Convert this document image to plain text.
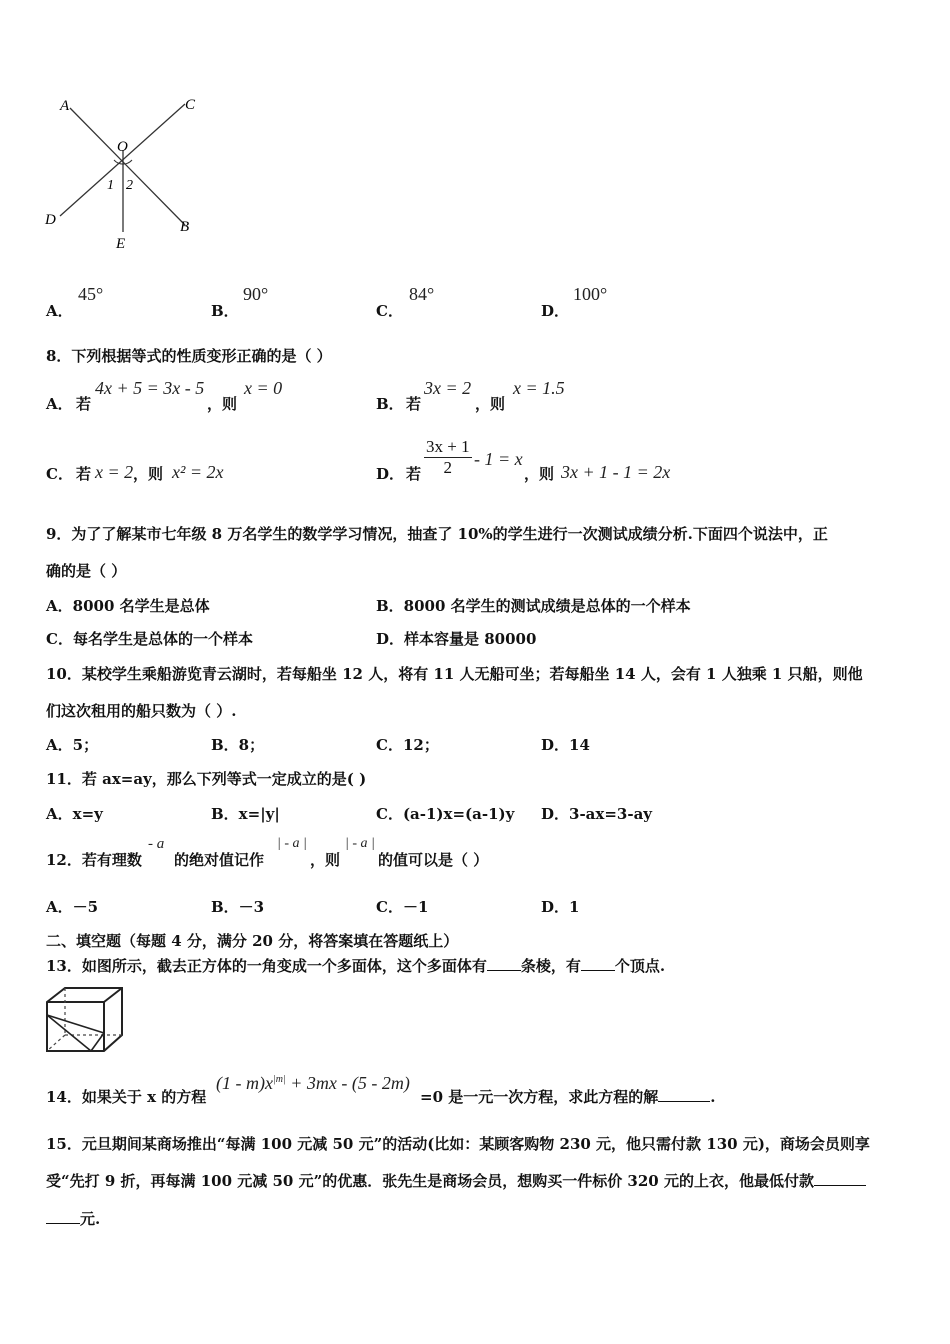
A	C
O
1 2
D	B
E
A．
45°
B．
90°
C．
84°
D．
100°
8．下列根据等式的性质变形正确的是（ ）
A． 若
4x + 5 = 3x - 5
，则
x = 0
B． 若
3x = 2
，则
x = 1.5
C． 若 x = 2 ，则 x² = 2x	D． 若 $\frac{3x + 1}{2} - 1 = x$
，则 3x + 1 - 1 = 2x
9．为了了解某市七年级 8 万名学生的数学学习情况，抽查了 10%的学生进行一次测试成绩分析.下面四个说法中，正
确的是（ ）
A．8000 名学生是总体	B．8000 名学生的测试成绩是总体的一个样本
C．每名学生是总体的一个样本	D．样本容量是 80000
10．某校学生乘船游览青云湖时，若每船坐 12 人，将有 11 人无船可坐；若每船坐 14 人，会有 1 人独乘 1 只船，则他
们这次租用的船只数为（ ）.
A．5；	B．8；	C．12；	D．14
11．若 ax=ay，那么下列等式一定成立的是( )
A．x=y	B．x=|y|	C．(a-1)x=(a-1)y D．3-ax=3-ay
12．若有理数
- a
的绝对值记作
| - a |
，则
| - a |
的值可以是（ ）
A．－5	B．－3	C．－1	D．1
二、填空题（每题 4 分，满分 20 分，将答案填在答题纸上）
13．如图所示，截去正方体的一角变成一个多面体，这个多面体有 条棱，有 个顶点.
14．如果关于 x 的方程
$(1 - m)x^{|m|} + 3mx - (5 - 2m)$
=0 是一元一次方程，求此方程的解	.
15．元旦期间某商场推出“每满 100 元减 50 元”的活动(比如：某顾客购物 230 元，他只需付款 130 元)，商场会员则享
受“先打 9 折，再每满 100 元减 50 元”的优惠．张先生是商场会员，想购买一件标价 320 元的上衣，他最低付款
元.
